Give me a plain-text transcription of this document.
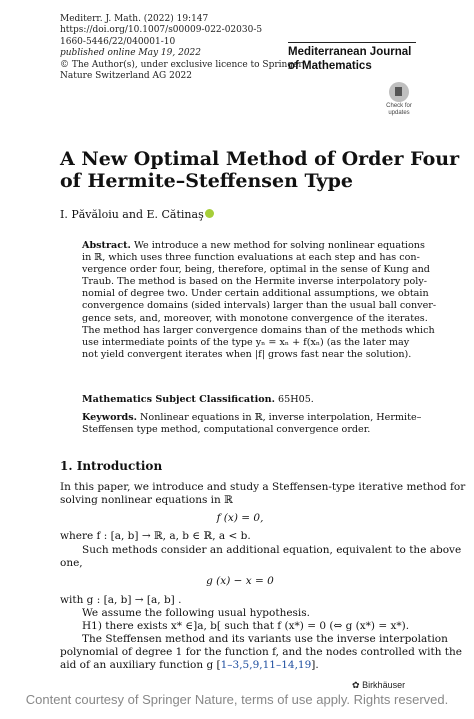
Mediterr. J. Math. (2022) 19:147
https://doi.org/10.1007/s00009-022-02030-5
1660-5446/22/040001-10
published online May 19, 2022
© The Author(s), under exclusive licence to Springer
Nature Switzerland AG 2022
Mediterranean Journal
of Mathematics
Check for
updates
A New Optimal Method of Order Four
of Hermite–Steffensen Type
I. Păvăloiu and E. Cătinaş
Abstract. We introduce a new method for solving nonlinear equations
in ℝ, which uses three function evaluations at each step and has con-
vergence order four, being, therefore, optimal in the sense of Kung and
Traub. The method is based on the Hermite inverse interpolatory poly-
nomial of degree two. Under certain additional assumptions, we obtain
convergence domains (sided intervals) larger than the usual ball conver-
gence sets, and, moreover, with monotone convergence of the iterates.
The method has larger convergence domains than of the methods which
use intermediate points of the type yₙ = xₙ + f(xₙ) (as the later may
not yield convergent iterates when |f| grows fast near the solution).
Mathematics Subject Classification. 65H05.
Keywords. Nonlinear equations in ℝ, inverse interpolation, Hermite–
Steffensen type method, computational convergence order.
1. Introduction
In this paper, we introduce and study a Steffensen-type iterative method for
solving nonlinear equations in ℝ
f (x) = 0,
where f : [a, b] → ℝ, a, b ∈ ℝ, a < b.
Such methods consider an additional equation, equivalent to the above
one,
g (x) − x = 0
with g : [a, b] → [a, b] .
We assume the following usual hypothesis.
H1) there exists x* ∈]a, b[ such that f (x*) = 0 (⇔ g (x*) = x*).
The Steffensen method and its variants use the inverse interpolation
polynomial of degree 1 for the function f, and the nodes controlled with the
aid of an auxiliary function g [1–3,5,9,11–14,19].
✿ Birkhäuser
Content courtesy of Springer Nature, terms of use apply. Rights reserved.
